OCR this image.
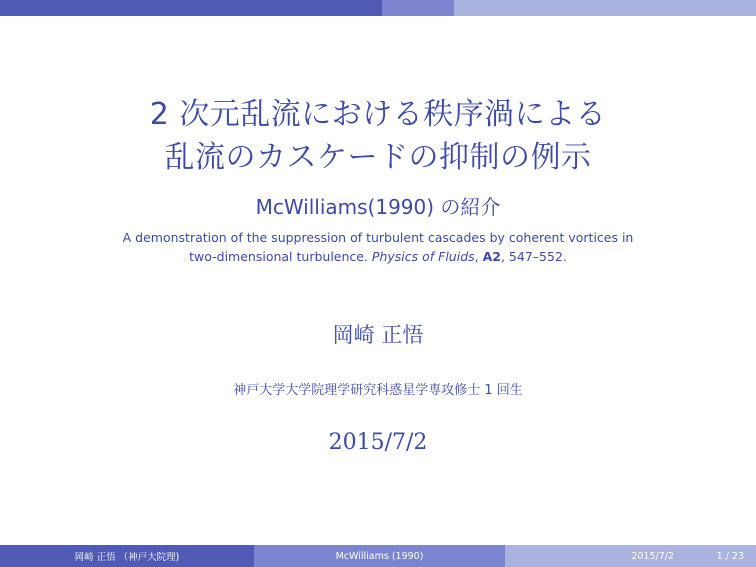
2 次元乱流における秩序渦による
乱流のカスケードの抑制の例示
McWilliams(1990) の紹介
A demonstration of the suppression of turbulent cascades by coherent vortices in
two-dimensional turbulence. Physics of Fluids, A2, 547–552.
岡崎 正悟
神戸大学大学院理学研究科惑星学専攻修士 1 回生
2015/7/2
岡崎 正悟 （神戸大院理)	McWilliams (1990)	2015/7/2	1 / 23
